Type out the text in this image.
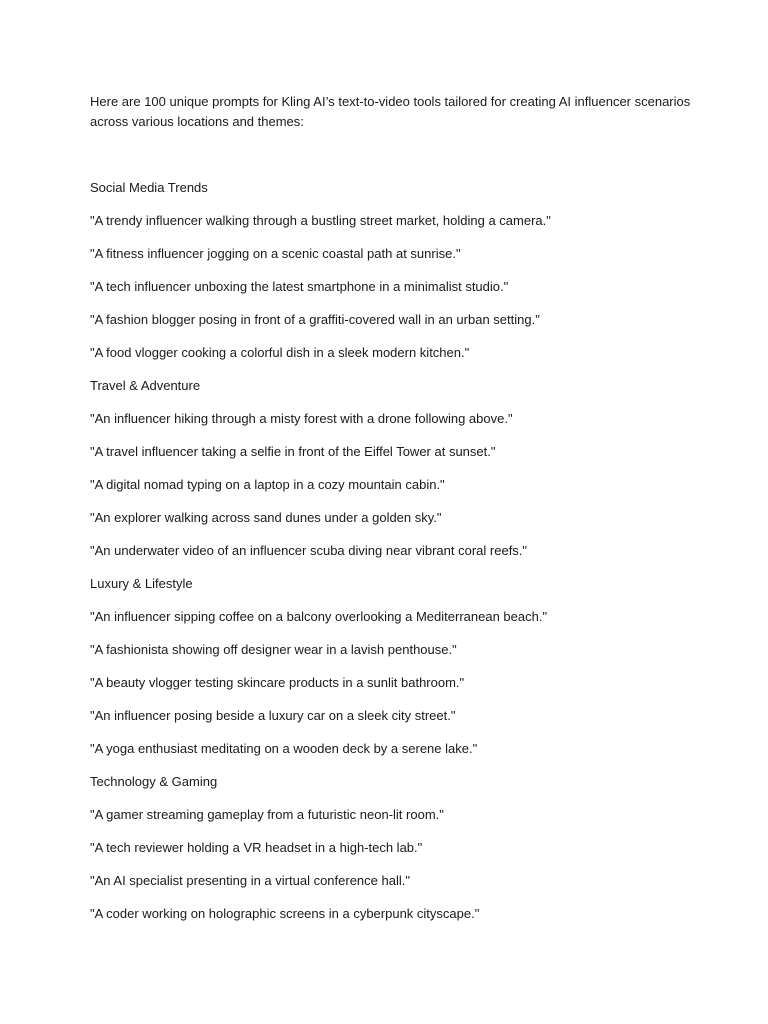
Here are 100 unique prompts for Kling AI’s text-to-video tools tailored for creating AI influencer scenarios across various locations and themes:

Social Media Trends
"A trendy influencer walking through a bustling street market, holding a camera."
"A fitness influencer jogging on a scenic coastal path at sunrise."
"A tech influencer unboxing the latest smartphone in a minimalist studio."
"A fashion blogger posing in front of a graffiti-covered wall in an urban setting."
"A food vlogger cooking a colorful dish in a sleek modern kitchen."
Travel & Adventure
"An influencer hiking through a misty forest with a drone following above."
"A travel influencer taking a selfie in front of the Eiffel Tower at sunset."
"A digital nomad typing on a laptop in a cozy mountain cabin."
"An explorer walking across sand dunes under a golden sky."
"An underwater video of an influencer scuba diving near vibrant coral reefs."
Luxury & Lifestyle
"An influencer sipping coffee on a balcony overlooking a Mediterranean beach."
"A fashionista showing off designer wear in a lavish penthouse."
"A beauty vlogger testing skincare products in a sunlit bathroom."
"An influencer posing beside a luxury car on a sleek city street."
"A yoga enthusiast meditating on a wooden deck by a serene lake."
Technology & Gaming
"A gamer streaming gameplay from a futuristic neon-lit room."
"A tech reviewer holding a VR headset in a high-tech lab."
"An AI specialist presenting in a virtual conference hall."
"A coder working on holographic screens in a cyberpunk cityscape."
